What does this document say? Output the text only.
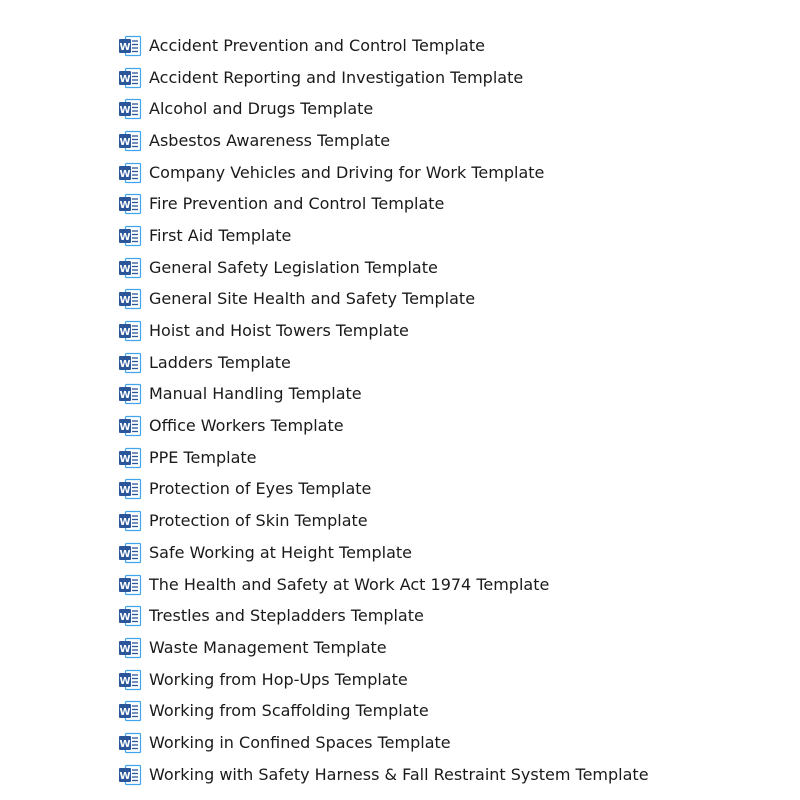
W Accident Prevention and Control Template
W Accident Reporting and Investigation Template
W Alcohol and Drugs Template
W Asbestos Awareness Template
W Company Vehicles and Driving for Work Template
W Fire Prevention and Control Template
W First Aid Template
W General Safety Legislation Template
W General Site Health and Safety Template
W Hoist and Hoist Towers Template
W Ladders Template
W Manual Handling Template
W Office Workers Template
W PPE Template
W Protection of Eyes Template
W Protection of Skin Template
W Safe Working at Height Template
W The Health and Safety at Work Act 1974 Template
W Trestles and Stepladders Template
W Waste Management Template
W Working from Hop-Ups Template
W Working from Scaffolding Template
W Working in Confined Spaces Template
W Working with Safety Harness & Fall Restraint System Template
